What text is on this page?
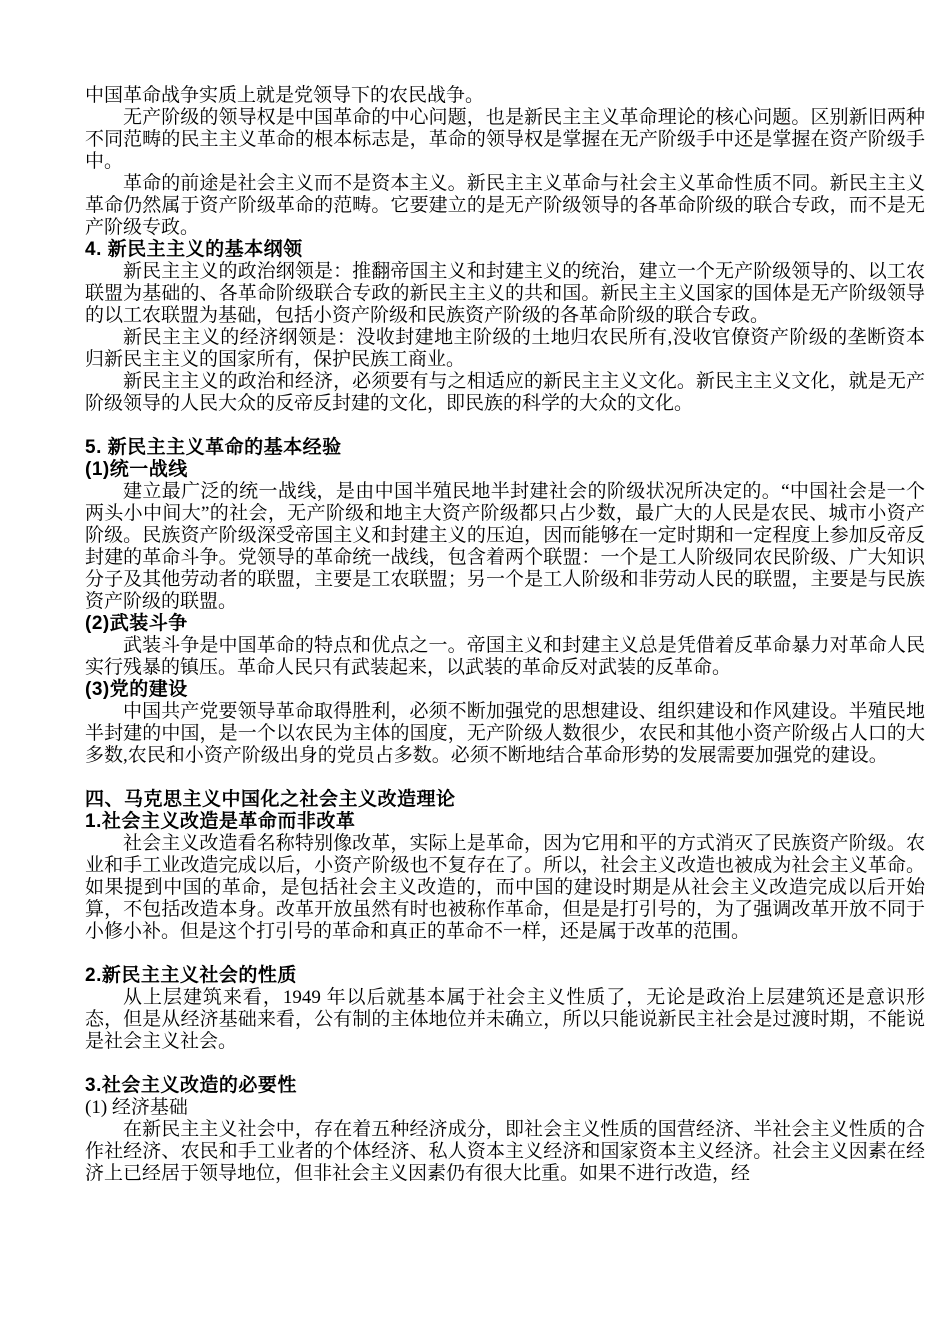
中国革命战争实质上就是党领导下的农民战争。
无产阶级的领导权是中国革命的中心问题，也是新民主主义革命理论的核心问题。区别新旧两种不同范畴的民主主义革命的根本标志是，革命的领导权是掌握在无产阶级手中还是掌握在资产阶级手中。
革命的前途是社会主义而不是资本主义。新民主主义革命与社会主义革命性质不同。新民主主义革命仍然属于资产阶级革命的范畴。它要建立的是无产阶级领导的各革命阶级的联合专政，而不是无产阶级专政。
4. 新民主主义的基本纲领
新民主主义的政治纲领是：推翻帝国主义和封建主义的统治，建立一个无产阶级领导的、以工农联盟为基础的、各革命阶级联合专政的新民主主义的共和国。新民主主义国家的国体是无产阶级领导的以工农联盟为基础，包括小资产阶级和民族资产阶级的各革命阶级的联合专政。
新民主主义的经济纲领是：没收封建地主阶级的土地归农民所有,没收官僚资产阶级的垄断资本归新民主主义的国家所有，保护民族工商业。
新民主主义的政治和经济，必须要有与之相适应的新民主主义文化。新民主主义文化，就是无产阶级领导的人民大众的反帝反封建的文化，即民族的科学的大众的文化。
5. 新民主主义革命的基本经验
(1)统一战线
建立最广泛的统一战线，是由中国半殖民地半封建社会的阶级状况所决定的。“中国社会是一个两头小中间大”的社会，无产阶级和地主大资产阶级都只占少数，最广大的人民是农民、城市小资产阶级。民族资产阶级深受帝国主义和封建主义的压迫，因而能够在一定时期和一定程度上参加反帝反封建的革命斗争。党领导的革命统一战线，包含着两个联盟：一个是工人阶级同农民阶级、广大知识分子及其他劳动者的联盟，主要是工农联盟；另一个是工人阶级和非劳动人民的联盟，主要是与民族资产阶级的联盟。
(2)武装斗争
武装斗争是中国革命的特点和优点之一。帝国主义和封建主义总是凭借着反革命暴力对革命人民实行残暴的镇压。革命人民只有武装起来，以武装的革命反对武装的反革命。
(3)党的建设
中国共产党要领导革命取得胜利，必须不断加强党的思想建设、组织建设和作风建设。半殖民地半封建的中国，是一个以农民为主体的国度，无产阶级人数很少，农民和其他小资产阶级占人口的大多数,农民和小资产阶级出身的党员占多数。必须不断地结合革命形势的发展需要加强党的建设。
四、马克思主义中国化之社会主义改造理论
1.社会主义改造是革命而非改革
社会主义改造看名称特别像改革，实际上是革命，因为它用和平的方式消灭了民族资产阶级。农业和手工业改造完成以后，小资产阶级也不复存在了。所以，社会主义改造也被成为社会主义革命。如果提到中国的革命，是包括社会主义改造的，而中国的建设时期是从社会主义改造完成以后开始算，不包括改造本身。改革开放虽然有时也被称作革命，但是是打引号的，为了强调改革开放不同于小修小补。但是这个打引号的革命和真正的革命不一样，还是属于改革的范围。
2.新民主主义社会的性质
从上层建筑来看，1949 年以后就基本属于社会主义性质了，无论是政治上层建筑还是意识形态，但是从经济基础来看，公有制的主体地位并未确立，所以只能说新民主社会是过渡时期，不能说是社会主义社会。
3.社会主义改造的必要性
(1) 经济基础
在新民主主义社会中，存在着五种经济成分，即社会主义性质的国营经济、半社会主义性质的合作社经济、农民和手工业者的个体经济、私人资本主义经济和国家资本主义经济。社会主义因素在经济上已经居于领导地位，但非社会主义因素仍有很大比重。如果不进行改造，经
